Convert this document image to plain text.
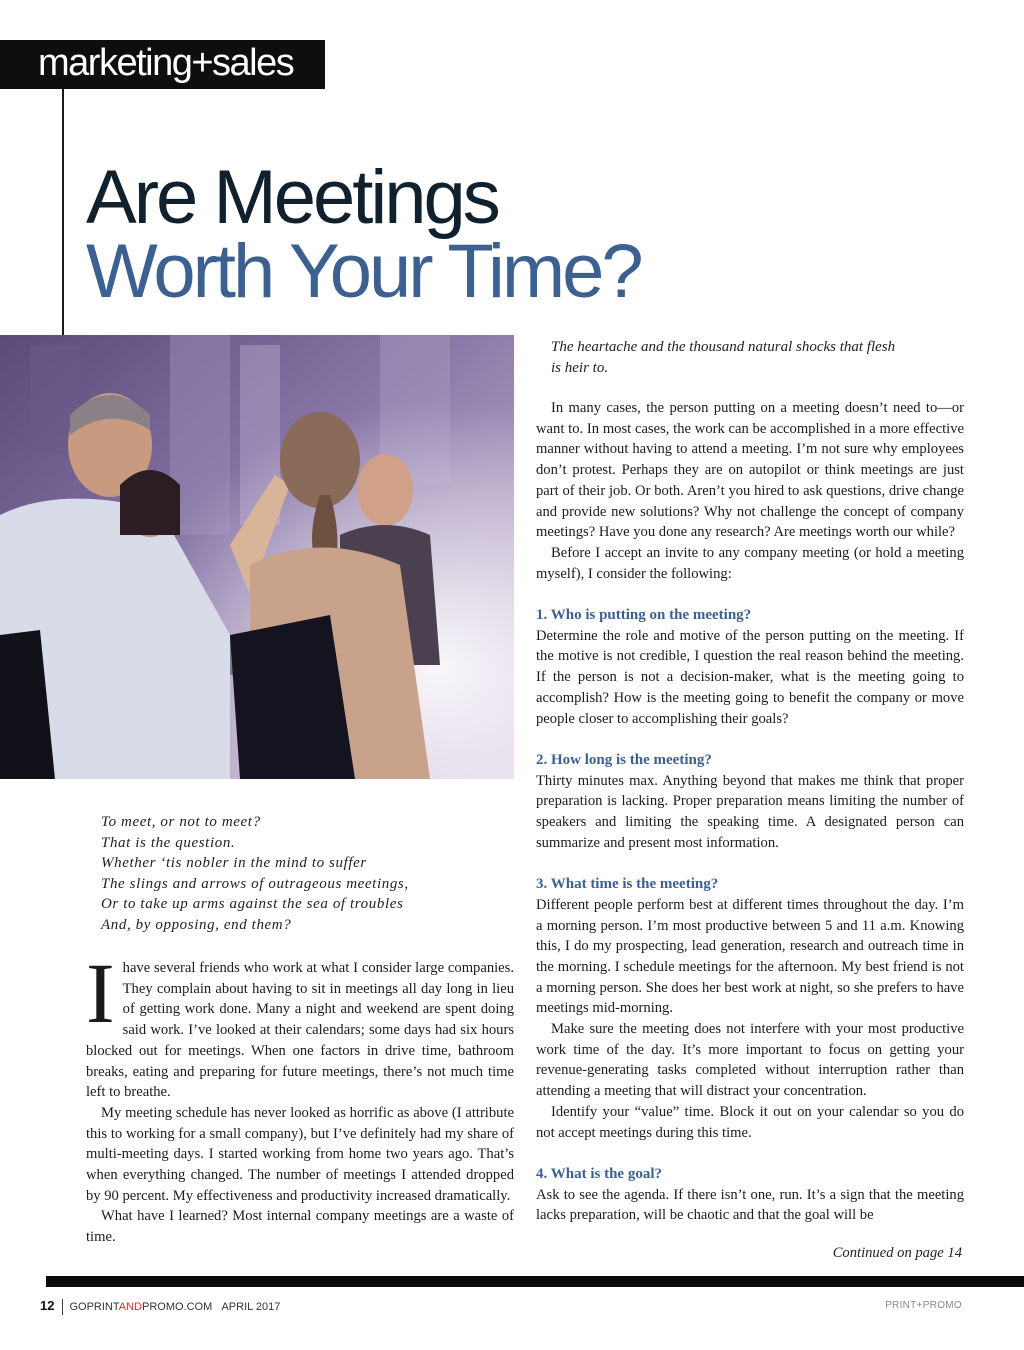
marketing+sales
Are Meetings
Worth Your Time?
To meet, or not to meet?
That is the question.
Whether ‘tis nobler in the mind to suffer
The slings and arrows of outrageous meetings,
Or to take up arms against the sea of troubles
And, by opposing, end them?

Ihave several friends who work at what I consider large companies. They complain about having to sit in meetings all day long in lieu of getting work done. Many a night and weekend are spent doing said work. I’ve looked at their calendars; some days had six hours blocked out for meetings. When one factors in drive time, bathroom breaks, eating and preparing for future meetings, there’s not much time left to breathe.

My meeting schedule has never looked as horrific as above (I attribute this to working for a small company), but I’ve definitely had my share of multi-meeting days. I started working from home two years ago. That’s when everything changed. The number of meetings I attended dropped by 90 percent. My effectiveness and productivity increased dramatically.

What have I learned? Most internal company meetings are a waste of time.

The heartache and the thousand natural shocks that flesh
is heir to.

In many cases, the person putting on a meeting doesn’t need to—or want to. In most cases, the work can be accomplished in a more effective manner without having to attend a meeting. I’m not sure why employees don’t protest. Perhaps they are on autopilot or think meetings are just part of their job. Or both. Aren’t you hired to ask questions, drive change and provide new solutions? Why not challenge the concept of company meetings? Have you done any research? Are meetings worth our while?

Before I accept an invite to any company meeting (or hold a meeting myself), I consider the following:

1. Who is putting on the meeting?

Determine the role and motive of the person putting on the meeting. If the motive is not credible, I question the real reason behind the meeting. If the person is not a decision-maker, what is the meeting going to accomplish? How is the meeting going to benefit the company or move people closer to accomplishing their goals?

2. How long is the meeting?

Thirty minutes max. Anything beyond that makes me think that proper preparation is lacking. Proper preparation means limiting the number of speakers and limiting the speaking time. A designated person can summarize and present most information.

3. What time is the meeting?

Different people perform best at different times throughout the day. I’m a morning person. I’m most productive between 5 and 11 a.m. Knowing this, I do my prospecting, lead generation, research and outreach time in the morning. I schedule meetings for the afternoon. My best friend is not a morning person. She does her best work at night, so she prefers to have meetings mid-morning.

Make sure the meeting does not interfere with your most productive work time of the day. It’s more important to focus on getting your revenue-generating tasks completed without interruption rather than attending a meeting that will distract your concentration.

Identify your “value” time. Block it out on your calendar so you do not accept meetings during this time.

4. What is the goal?

Ask to see the agenda. If there isn’t one, run. It’s a sign that the meeting lacks preparation, will be chaotic and that the goal will be

Continued on page 14
12 GOPRINTANDPROMO.COM APRIL 2017	PRINT+PROMO
